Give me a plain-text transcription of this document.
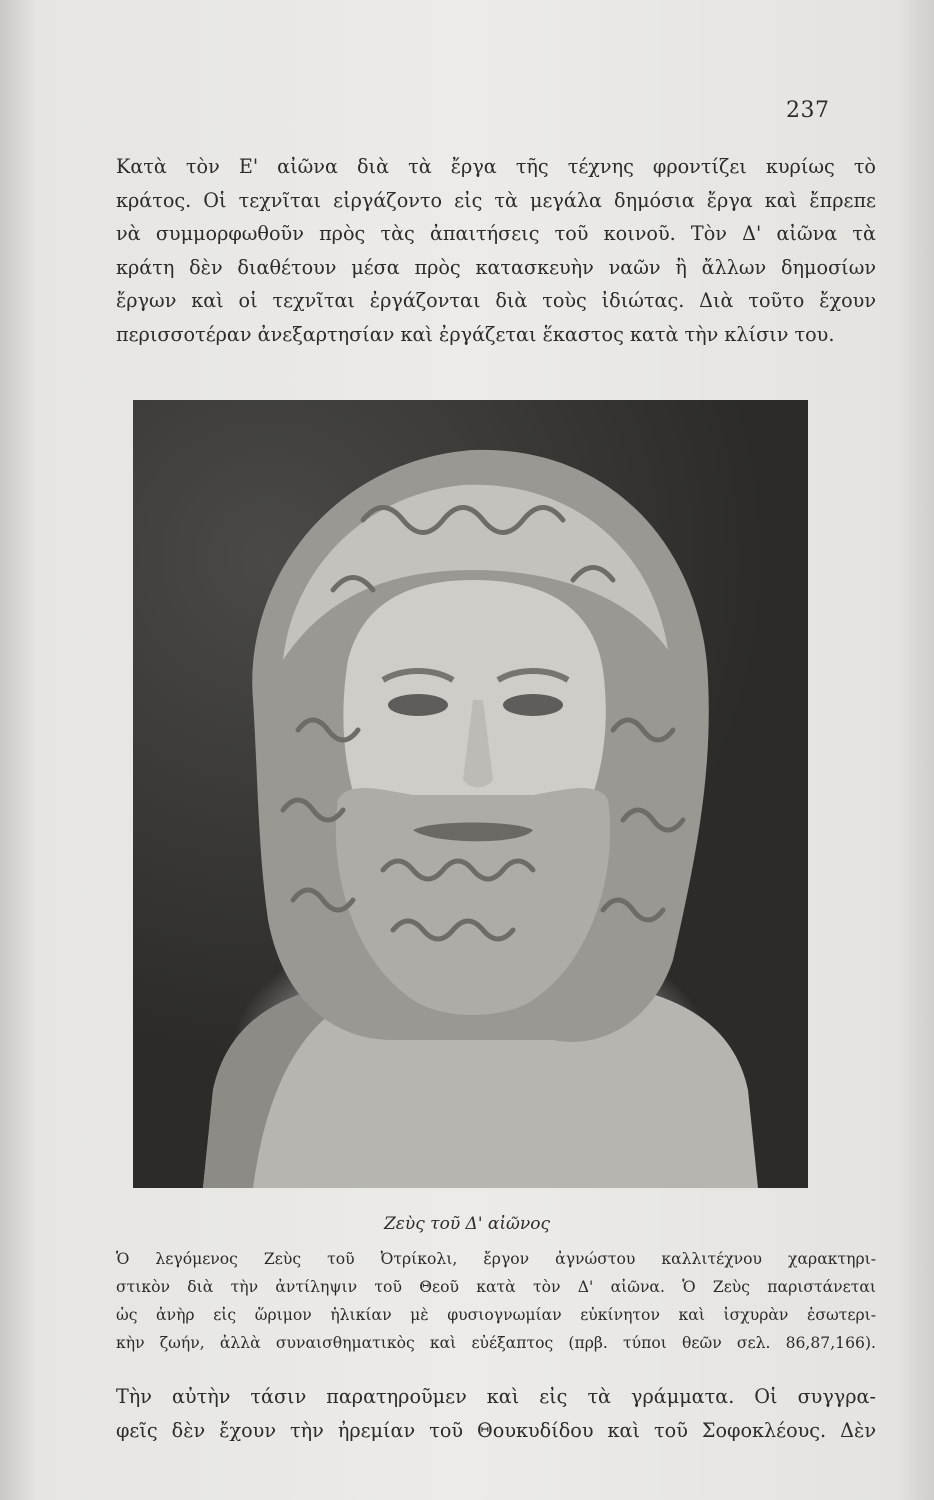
237

Κατὰ τὸν Ε' αἰῶνα διὰ τὰ ἔργα τῆς τέχνης φροντίζει κυρίως τὸ
κράτος. Οἱ τεχνῖται εἰργάζοντο εἰς τὰ μεγάλα δημόσια ἔργα καὶ ἔπρεπε
νὰ συμμορφωθοῦν πρὸς τὰς ἀπαιτήσεις τοῦ κοινοῦ. Τὸν Δ' αἰῶνα τὰ
κράτη δὲν διαθέτουν μέσα πρὸς κατασκευὴν ναῶν ἢ ἄλλων δημοσίων
ἔργων καὶ οἱ τεχνῖται ἐργάζονται διὰ τοὺς ἰδιώτας. Διὰ τοῦτο ἔχουν
περισσοτέραν ἀνεξαρτησίαν καὶ ἐργάζεται ἕκαστος κατὰ τὴν κλίσιν του.

Ζεὺς τοῦ Δ' αἰῶνος

Ὁ λεγόμενος Ζεὺς τοῦ Ὀτρίκολι, ἔργον ἀγνώστου καλλιτέχνου χαρακτηρι-
στικὸν διὰ τὴν ἀντίληψιν τοῦ Θεοῦ κατὰ τὸν Δ' αἰῶνα. Ὁ Ζεὺς παριστάνεται
ὡς ἀνὴρ εἰς ὥριμον ἡλικίαν μὲ φυσιογνωμίαν εὐκίνητον καὶ ἰσχυρὰν ἐσωτερι-
κὴν ζωήν, ἀλλὰ συναισθηματικὸς καὶ εὐέξαπτος (πρβ. τύποι θεῶν σελ. 86,87,166).

Τὴν αὐτὴν τάσιν παρατηροῦμεν καὶ εἰς τὰ γράμματα. Οἱ συγγρα-
φεῖς δὲν ἔχουν τὴν ἠρεμίαν τοῦ Θουκυδίδου καὶ τοῦ Σοφοκλέους. Δὲν
